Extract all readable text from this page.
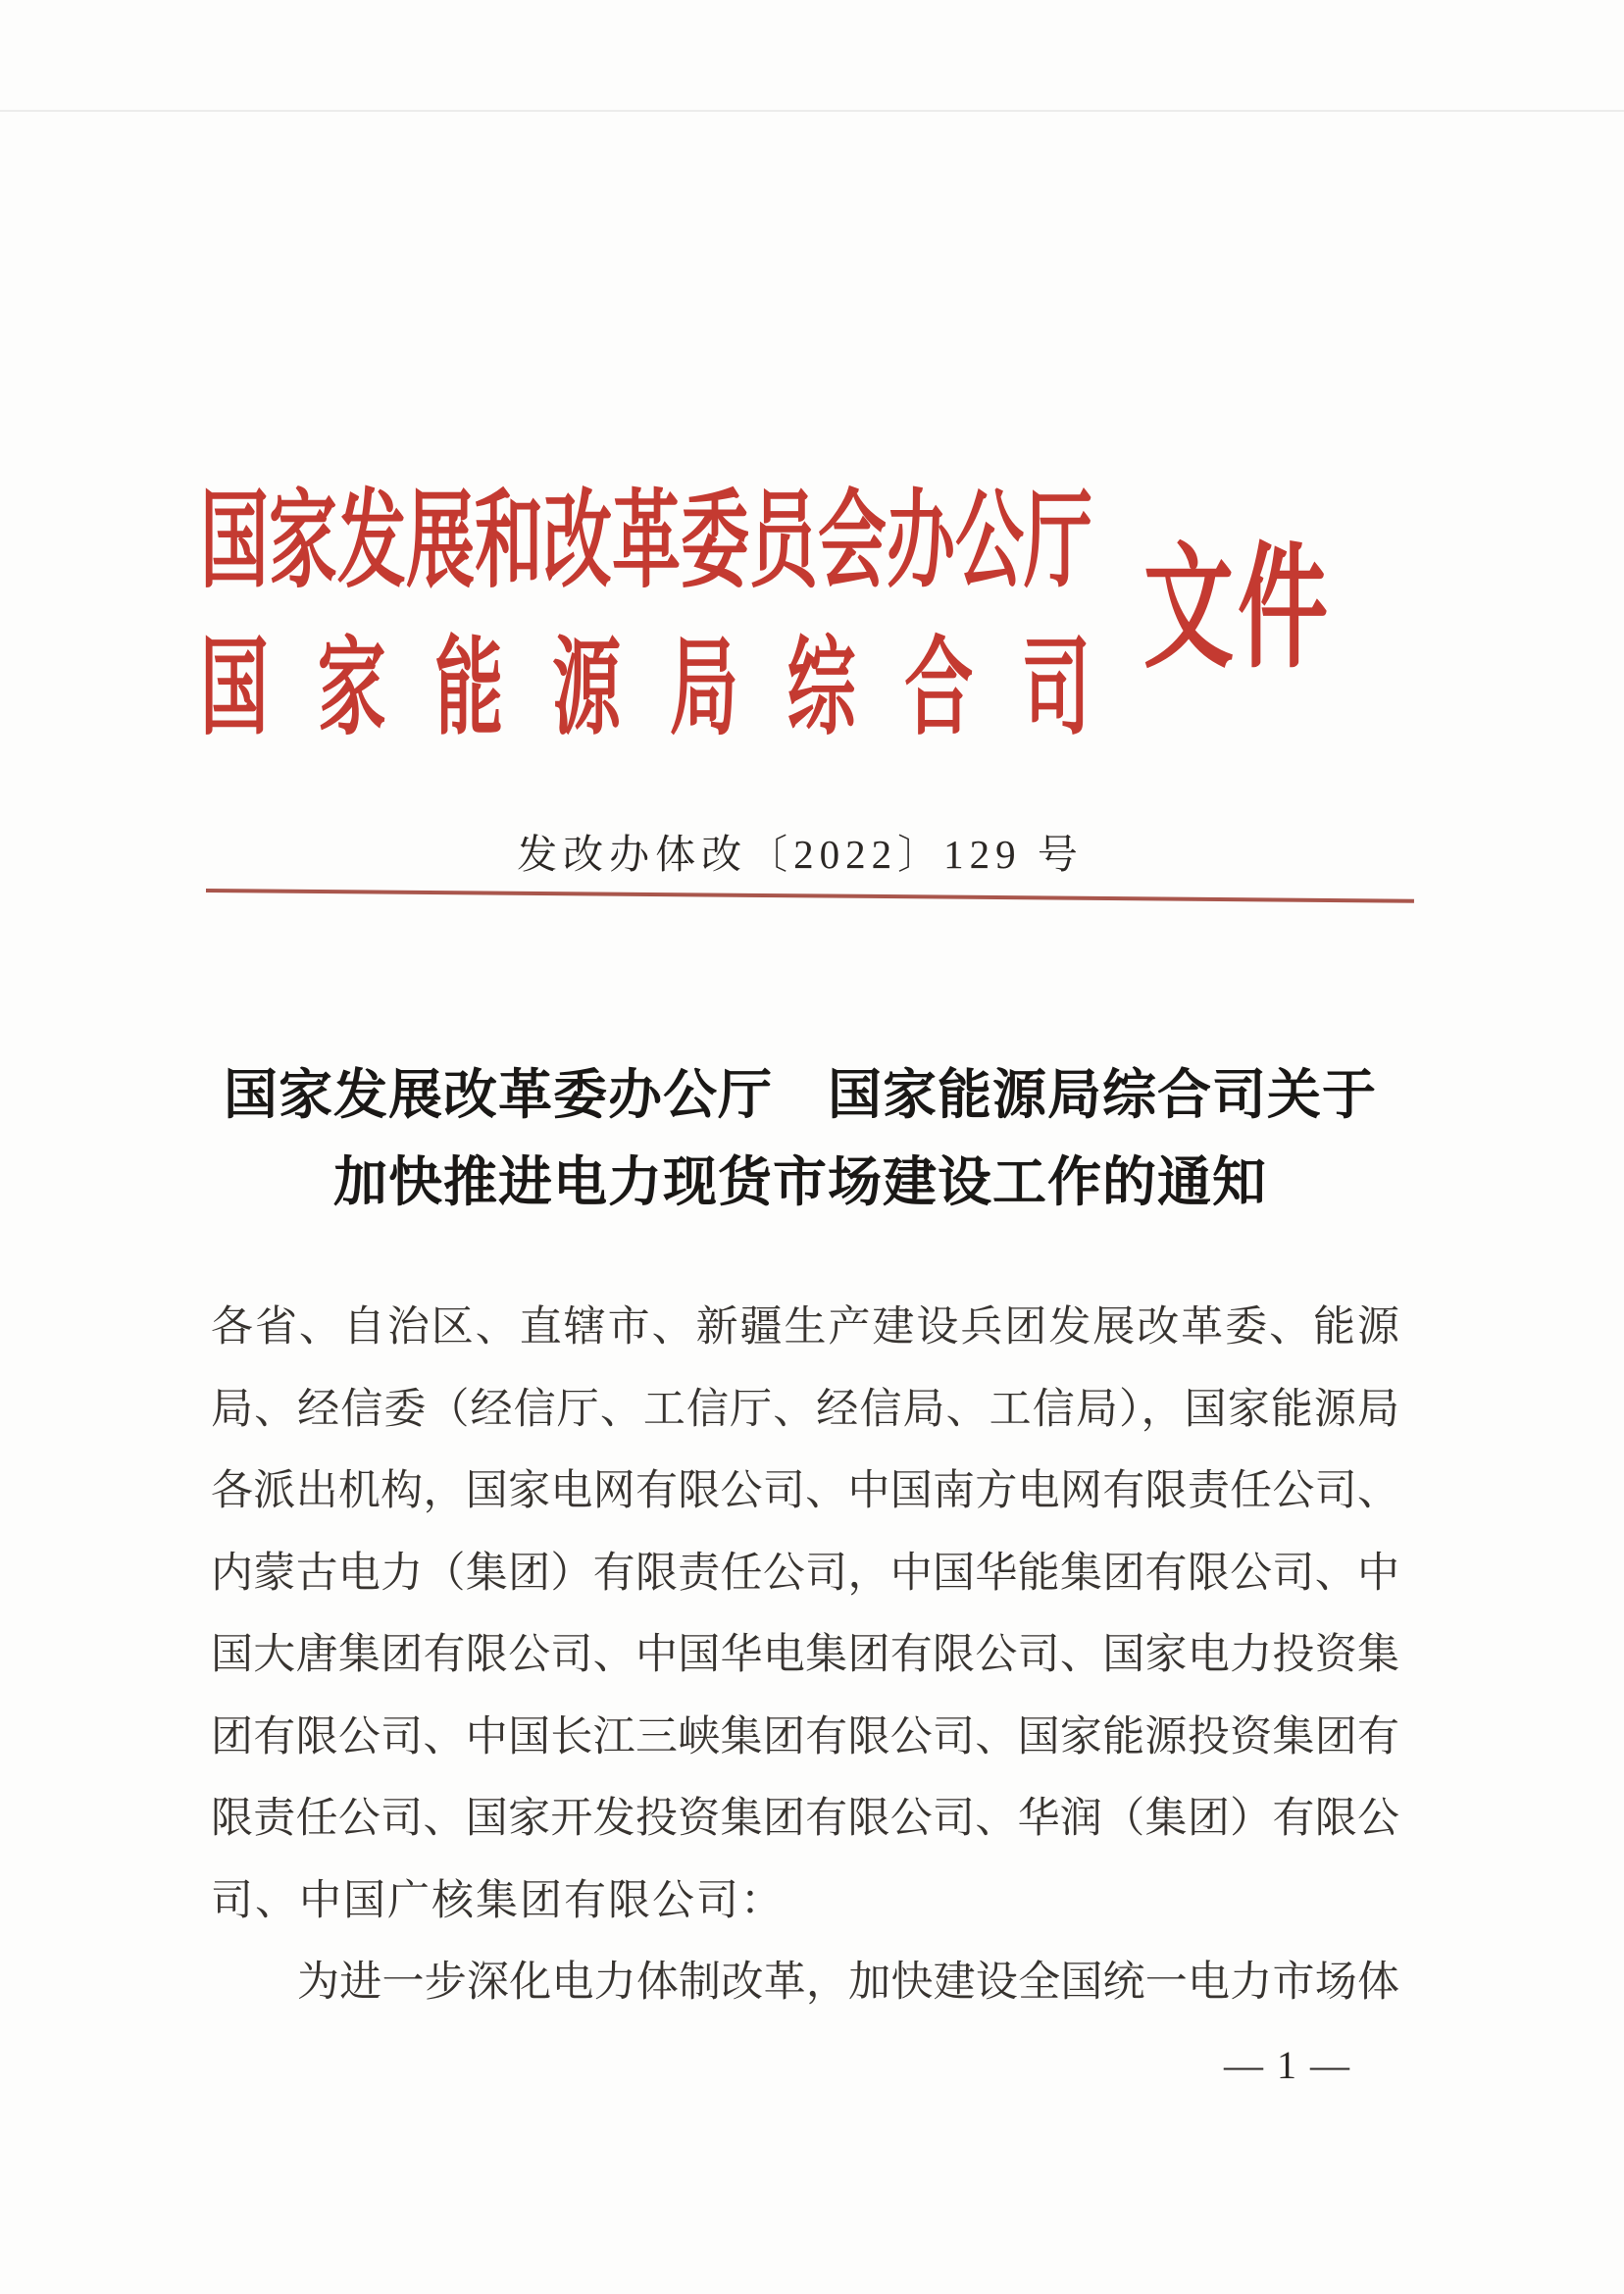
国家发展和改革委员会办公厅
国家能源局综合司
文件
发改办体改〔2022〕129 号
国家发展改革委办公厅　国家能源局综合司关于
加快推进电力现货市场建设工作的通知
各省、自治区、直辖市、新疆生产建设兵团发展改革委、能源
局、经信委（经信厅、工信厅、经信局、工信局），国家能源局
各派出机构，国家电网有限公司、中国南方电网有限责任公司、
内蒙古电力（集团）有限责任公司，中国华能集团有限公司、中
国大唐集团有限公司、中国华电集团有限公司、国家电力投资集
团有限公司、中国长江三峡集团有限公司、国家能源投资集团有
限责任公司、国家开发投资集团有限公司、华润（集团）有限公
司、中国广核集团有限公司：
为进一步深化电力体制改革，加快建设全国统一电力市场体
— 1 —
